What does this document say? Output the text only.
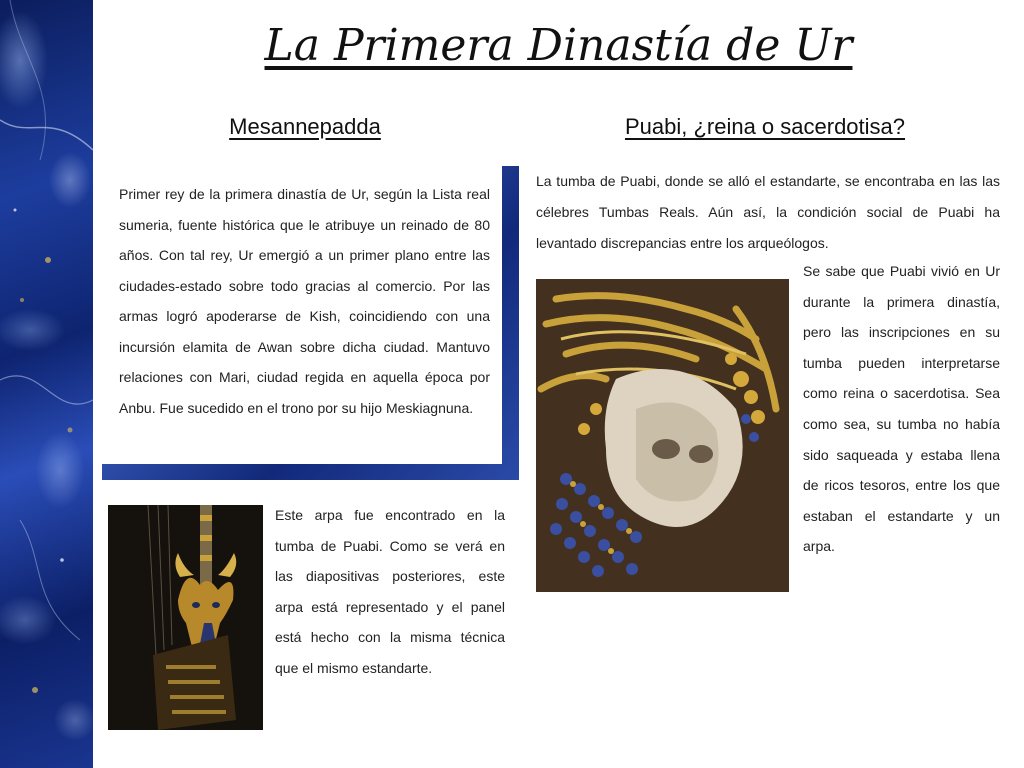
La Primera Dinastía de Ur
Mesannepadda	Puabi, ¿reina o sacerdotisa?

Primer rey de la primera dinastía de Ur, según la Lista real sumeria, fuente histórica que le atribuye un reinado de 80 años. Con tal rey, Ur emergió a un primer plano entre las ciudades-estado sobre todo gracias al comercio. Por las armas logró apoderarse de Kish, coincidiendo con una incursión elamita de Awan sobre dicha ciudad. Mantuvo relaciones con Mari, ciudad regida en aquella época por Anbu. Fue sucedido en el trono por su hijo Meskiagnuna.

Este arpa fue encontrado en la tumba de Puabi. Como se verá en las diapositivas posteriores, este arpa está representado y el panel está hecho con la misma técnica que el mismo estandarte.

La tumba de Puabi, donde se alló el estandarte, se encontraba en las las célebres Tumbas Reals. Aún así, la condición social de Puabi ha levantado discrepancias entre los arqueólogos.

Se sabe que Puabi vivió en Ur durante la primera dinastía, pero las inscripciones en su tumba pueden interpretarse como reina o sacerdotisa. Sea como sea, su tumba no había sido saqueada y estaba llena de ricos tesoros, entre los que estaban el estandarte y un arpa.
